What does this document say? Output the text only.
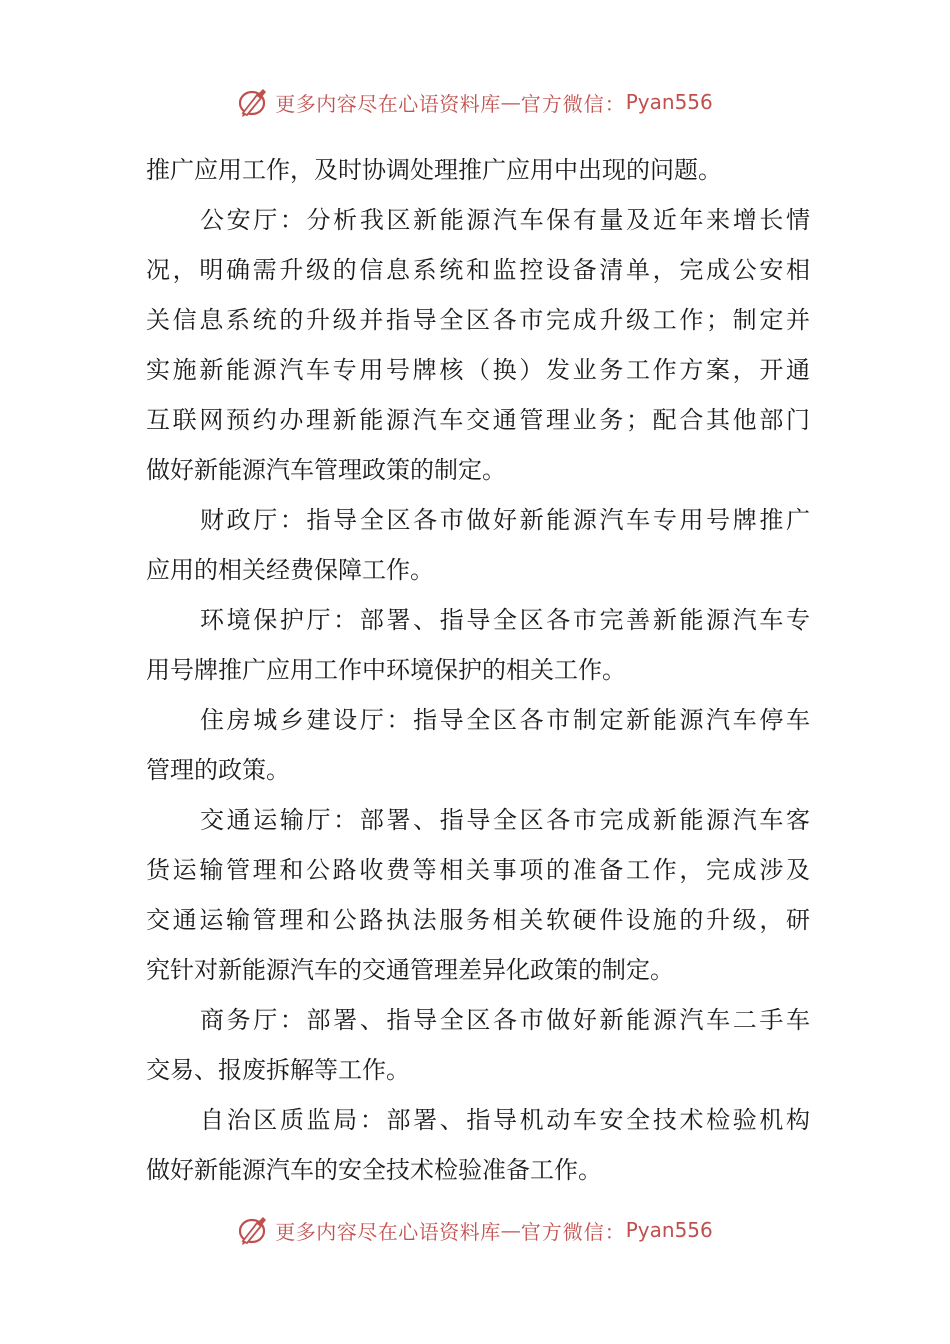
更多内容尽在心语资料库 — 官方微信： Pyan556
推广应用工作，及时协调处理推广应用中出现的问题。
公安厅：分析我区新能源汽车保有量及近年来增长情
况，明确需升级的信息系统和监控设备清单，完成公安相
关信息系统的升级并指导全区各市完成升级工作；制定并
实施新能源汽车专用号牌核（换）发业务工作方案，开通
互联网预约办理新能源汽车交通管理业务；配合其他部门
做好新能源汽车管理政策的制定。
财政厅：指导全区各市做好新能源汽车专用号牌推广
应用的相关经费保障工作。
环境保护厅：部署、指导全区各市完善新能源汽车专
用号牌推广应用工作中环境保护的相关工作。
住房城乡建设厅：指导全区各市制定新能源汽车停车
管理的政策。
交通运输厅：部署、指导全区各市完成新能源汽车客
货运输管理和公路收费等相关事项的准备工作，完成涉及
交通运输管理和公路执法服务相关软硬件设施的升级，研
究针对新能源汽车的交通管理差异化政策的制定。
商务厅：部署、指导全区各市做好新能源汽车二手车
交易、报废拆解等工作。
自治区质监局：部署、指导机动车安全技术检验机构
做好新能源汽车的安全技术检验准备工作。
更多内容尽在心语资料库 — 官方微信： Pyan556
